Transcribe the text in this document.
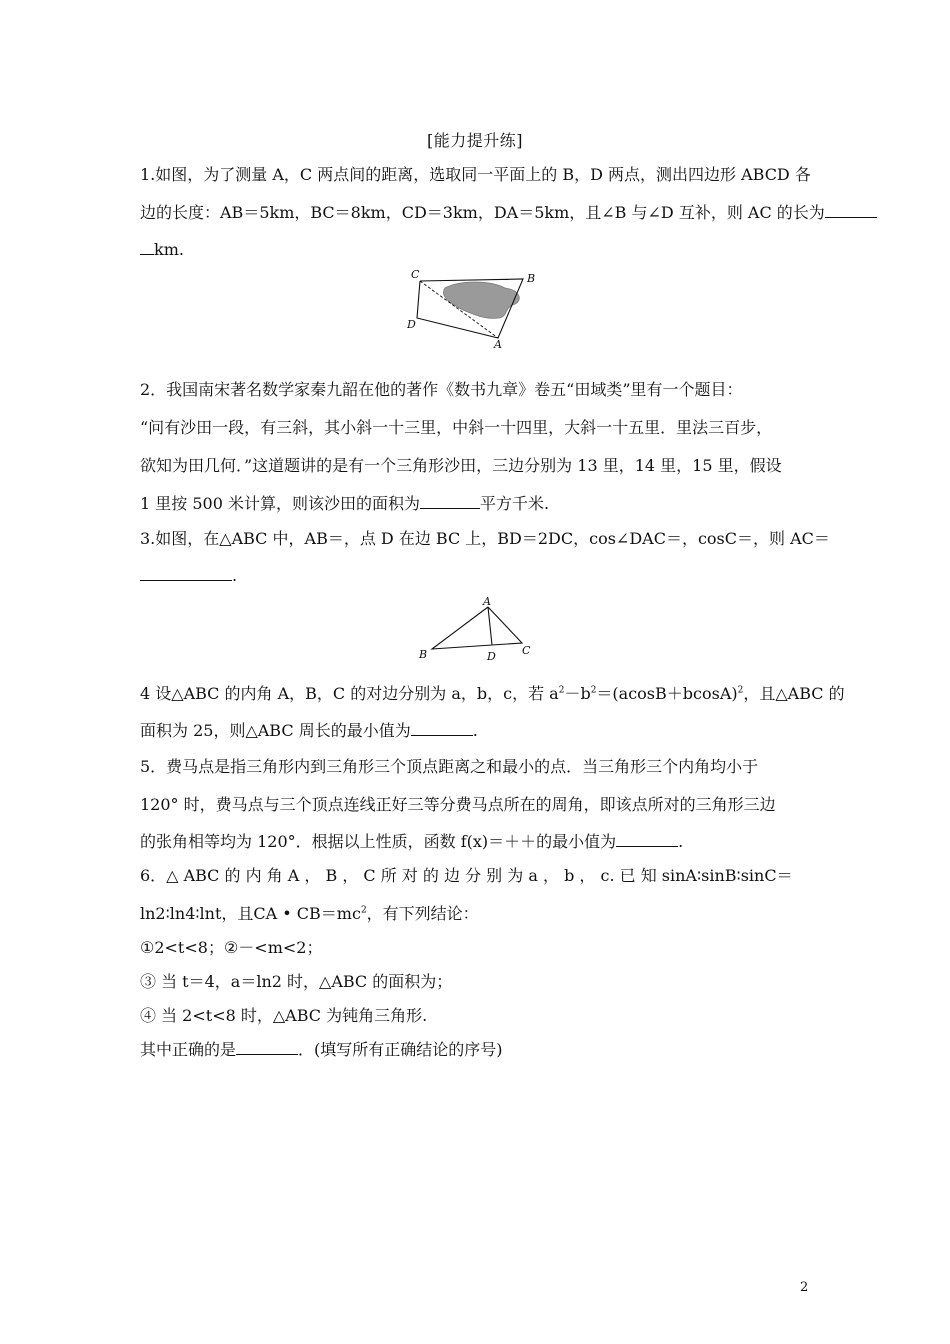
[能力提升练]
1.如图，为了测量 A，C 两点间的距离，选取同一平面上的 B，D 两点，测出四边形 ABCD 各
边的长度：AB＝5km，BC＝8km，CD＝3km，DA＝5km，且∠B 与∠D 互补，则 AC 的长为
km.
C	B
D
A
2．我国南宋著名数学家秦九韶在他的著作《数书九章》卷五“田域类”里有一个题目：
“问有沙田一段，有三斜，其小斜一十三里，中斜一十四里，大斜一十五里．里法三百步，
欲知为田几何．”这道题讲的是有一个三角形沙田，三边分别为 13 里，14 里，15 里，假设
1 里按 500 米计算，则该沙田的面积为	平方千米.
3.如图，在△ABC 中，AB＝，点 D 在边 BC 上，BD＝2DC，cos∠DAC＝，cosC＝，则 AC＝
.
A
B	D C
4 设△ABC 的内角 A，B，C 的对边分别为 a，b，c，若 $a^2-b^2=(acosB+bcosA)^2$，且△ABC 的
面积为 25，则△ABC 周长的最小值为	.
5．费马点是指三角形内到三角形三个顶点距离之和最小的点．当三角形三个内角均小于
120° 时，费马点与三个顶点连线正好三等分费马点所在的周角，即该点所对的三角形三边
的张角相等均为 120°．根据以上性质，函数 f(x)＝＋＋的最小值为	.
6．△ ABC 的 内 角 A ， B ， C 所 对 的 边 分 别 为 a ， b ， c. 已 知 sinA∶sinB∶sinC＝
ln2∶ln4∶lnt，且CA • $CB=mc^2$，有下列结论：
①2<t<8；②－<m<2；
③ 当 t＝4，a＝ln2 时，△ABC 的面积为；
④ 当 2<t<8 时，△ABC 为钝角三角形.
其中正确的是	．(填写所有正确结论的序号)
2
